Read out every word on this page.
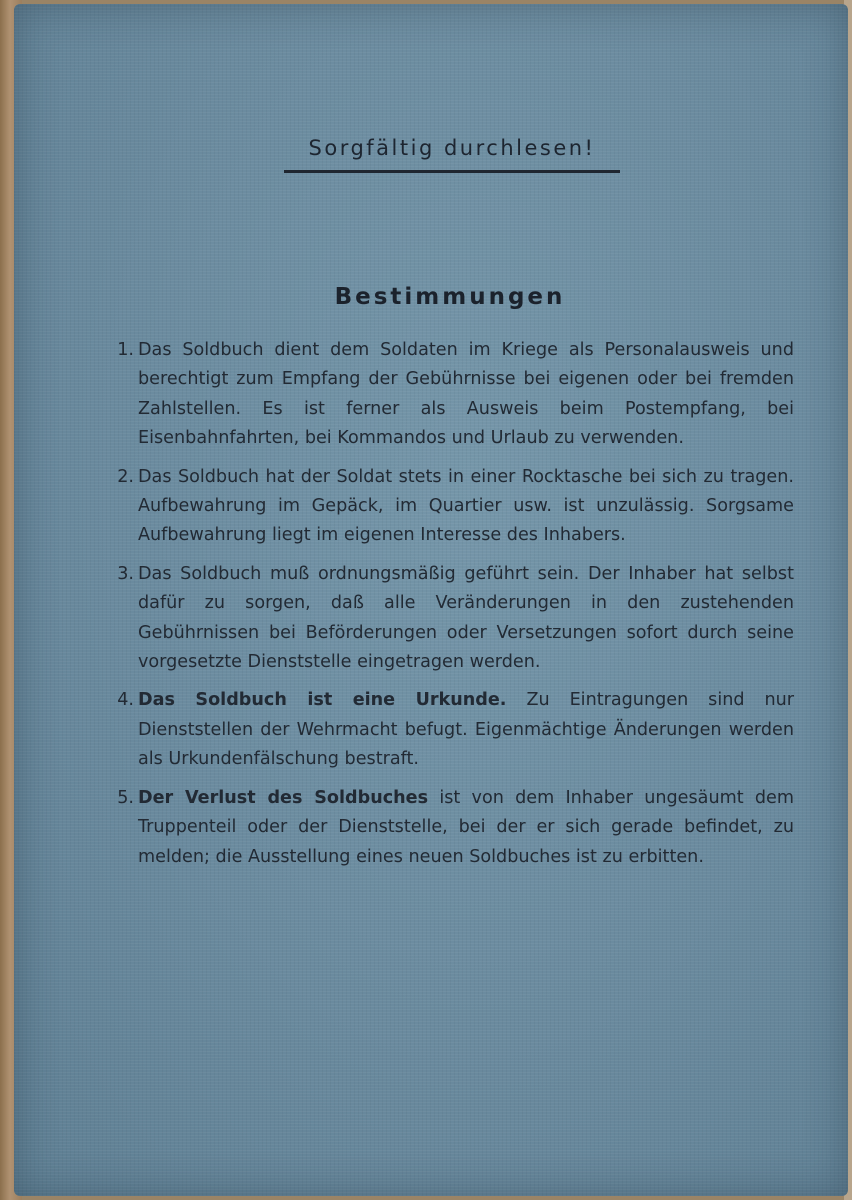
Sorgfältig durchlesen!
Bestimmungen
1. Das Soldbuch dient dem Soldaten im Kriege als Personalausweis und berechtigt zum Empfang der Gebührnisse bei eigenen oder bei fremden Zahlstellen. Es ist ferner als Ausweis beim Postempfang, bei Eisenbahnfahrten, bei Kommandos und Urlaub zu verwenden.
2. Das Soldbuch hat der Soldat stets in einer Rocktasche bei sich zu tragen. Aufbewahrung im Gepäck, im Quartier usw. ist unzulässig. Sorgsame Aufbewahrung liegt im eigenen Interesse des Inhabers.
3. Das Soldbuch muß ordnungsmäßig geführt sein. Der Inhaber hat selbst dafür zu sorgen, daß alle Veränderungen in den zustehenden Gebührnissen bei Beförderungen oder Versetzungen sofort durch seine vorgesetzte Dienststelle eingetragen werden.
4. Das Soldbuch ist eine Urkunde. Zu Eintragungen sind nur Dienststellen der Wehrmacht befugt. Eigenmächtige Änderungen werden als Urkundenfälschung bestraft.
5. Der Verlust des Soldbuches ist von dem Inhaber ungesäumt dem Truppenteil oder der Dienststelle, bei der er sich gerade befindet, zu melden; die Ausstellung eines neuen Soldbuches ist zu erbitten.
